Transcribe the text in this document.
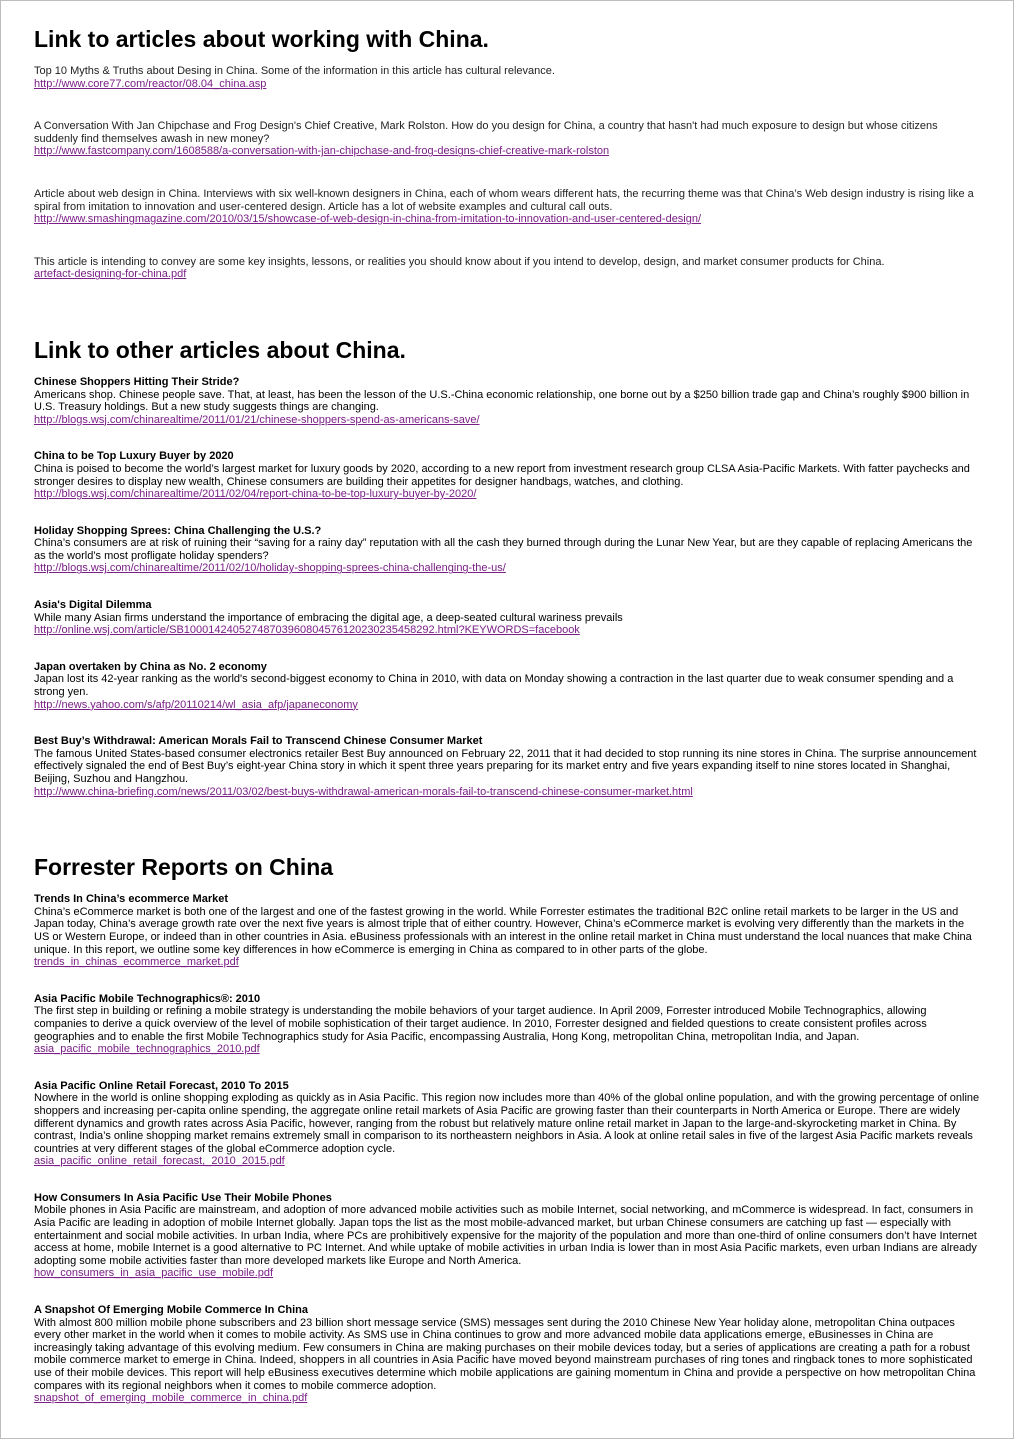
Link to articles about working with China.
Top 10 Myths & Truths about Desing in China. Some of the information in this article has cultural relevance.
http://www.core77.com/reactor/08.04_china.asp
A Conversation With Jan Chipchase and Frog Design's Chief Creative, Mark Rolston. How do you design for China, a country that hasn't had much exposure to design but whose citizens suddenly find themselves awash in new money?
http://www.fastcompany.com/1608588/a-conversation-with-jan-chipchase-and-frog-designs-chief-creative-mark-rolston
Article about web design in China. Interviews with six well-known designers in China, each of whom wears different hats, the recurring theme was that China’s Web design industry is rising like a spiral from imitation to innovation and user-centered design. Article has a lot of website examples and cultural call outs.
http://www.smashingmagazine.com/2010/03/15/showcase-of-web-design-in-china-from-imitation-to-innovation-and-user-centered-design/
This article is intending to convey are some key insights, lessons, or realities you should know about if you intend to develop, design, and market consumer products for China.
artefact-designing-for-china.pdf
Link to other articles about China.
Chinese Shoppers Hitting Their Stride?
Americans shop. Chinese people save. That, at least, has been the lesson of the U.S.-China economic relationship, one borne out by a $250 billion trade gap and China’s roughly $900 billion in U.S. Treasury holdings. But a new study suggests things are changing.
http://blogs.wsj.com/chinarealtime/2011/01/21/chinese-shoppers-spend-as-americans-save/
China to be Top Luxury Buyer by 2020
China is poised to become the world’s largest market for luxury goods by 2020, according to a new report from investment research group CLSA Asia-Pacific Markets. With fatter paychecks and stronger desires to display new wealth, Chinese consumers are building their appetites for designer handbags, watches, and clothing.
http://blogs.wsj.com/chinarealtime/2011/02/04/report-china-to-be-top-luxury-buyer-by-2020/
Holiday Shopping Sprees: China Challenging the U.S.?
China’s consumers are at risk of ruining their “saving for a rainy day” reputation with all the cash they burned through during the Lunar New Year, but are they capable of replacing Americans the as the world’s most profligate holiday spenders?
http://blogs.wsj.com/chinarealtime/2011/02/10/holiday-shopping-sprees-china-challenging-the-us/
Asia's Digital Dilemma
While many Asian firms understand the importance of embracing the digital age, a deep-seated cultural wariness prevails
http://online.wsj.com/article/SB10001424052748703960804576120230235458292.html?KEYWORDS=facebook
Japan overtaken by China as No. 2 economy
Japan lost its 42-year ranking as the world's second-biggest economy to China in 2010, with data on Monday showing a contraction in the last quarter due to weak consumer spending and a strong yen.
http://news.yahoo.com/s/afp/20110214/wl_asia_afp/japaneconomy
Best Buy’s Withdrawal: American Morals Fail to Transcend Chinese Consumer Market
The famous United States-based consumer electronics retailer Best Buy announced on February 22, 2011 that it had decided to stop running its nine stores in China. The surprise announcement effectively signaled the end of Best Buy’s eight-year China story in which it spent three years preparing for its market entry and five years expanding itself to nine stores located in Shanghai, Beijing, Suzhou and Hangzhou.
http://www.china-briefing.com/news/2011/03/02/best-buys-withdrawal-american-morals-fail-to-transcend-chinese-consumer-market.html
Forrester Reports on China
Trends In China’s ecommerce Market
China’s eCommerce market is both one of the largest and one of the fastest growing in the world. While Forrester estimates the traditional B2C online retail markets to be larger in the US and Japan today, China’s average growth rate over the next five years is almost triple that of either country. However, China’s eCommerce market is evolving very differently than the markets in the US or Western Europe, or indeed than in other countries in Asia. eBusiness professionals with an interest in the online retail market in China must understand the local nuances that make China unique. In this report, we outline some key differences in how eCommerce is emerging in China as compared to in other parts of the globe.
trends_in_chinas_ecommerce_market.pdf
Asia Pacific Mobile Technographics®: 2010
The first step in building or refining a mobile strategy is understanding the mobile behaviors of your target audience. In April 2009, Forrester introduced Mobile Technographics, allowing companies to derive a quick overview of the level of mobile sophistication of their target audience. In 2010, Forrester designed and fielded questions to create consistent profiles across geographies and to enable the first Mobile Technographics study for Asia Pacific, encompassing Australia, Hong Kong, metropolitan China, metropolitan India, and Japan.
asia_pacific_mobile_technographics_2010.pdf
Asia Pacific Online Retail Forecast, 2010 To 2015
Nowhere in the world is online shopping exploding as quickly as in Asia Pacific. This region now includes more than 40% of the global online population, and with the growing percentage of online shoppers and increasing per-capita online spending, the aggregate online retail markets of Asia Pacific are growing faster than their counterparts in North America or Europe. There are widely different dynamics and growth rates across Asia Pacific, however, ranging from the robust but relatively mature online retail market in Japan to the large-and-skyrocketing market in China. By contrast, India’s online shopping market remains extremely small in comparison to its northeastern neighbors in Asia. A look at online retail sales in five of the largest Asia Pacific markets reveals countries at very different stages of the global eCommerce adoption cycle.
asia_pacific_online_retail_forecast,_2010_2015.pdf
How Consumers In Asia Pacific Use Their Mobile Phones
Mobile phones in Asia Pacific are mainstream, and adoption of more advanced mobile activities such as mobile Internet, social networking, and mCommerce is widespread. In fact, consumers in Asia Pacific are leading in adoption of mobile Internet globally. Japan tops the list as the most mobile-advanced market, but urban Chinese consumers are catching up fast — especially with entertainment and social mobile activities. In urban India, where PCs are prohibitively expensive for the majority of the population and more than one-third of online consumers don’t have Internet access at home, mobile Internet is a good alternative to PC Internet. And while uptake of mobile activities in urban India is lower than in most Asia Pacific markets, even urban Indians are already adopting some mobile activities faster than more developed markets like Europe and North America.
how_consumers_in_asia_pacific_use_mobile.pdf
A Snapshot Of Emerging Mobile Commerce In China
With almost 800 million mobile phone subscribers and 23 billion short message service (SMS) messages sent during the 2010 Chinese New Year holiday alone, metropolitan China outpaces every other market in the world when it comes to mobile activity. As SMS use in China continues to grow and more advanced mobile data applications emerge, eBusinesses in China are increasingly taking advantage of this evolving medium. Few consumers in China are making purchases on their mobile devices today, but a series of applications are creating a path for a robust mobile commerce market to emerge in China. Indeed, shoppers in all countries in Asia Pacific have moved beyond mainstream purchases of ring tones and ringback tones to more sophisticated use of their mobile devices. This report will help eBusiness executives determine which mobile applications are gaining momentum in China and provide a perspective on how metropolitan China compares with its regional neighbors when it comes to mobile commerce adoption.
snapshot_of_emerging_mobile_commerce_in_china.pdf
